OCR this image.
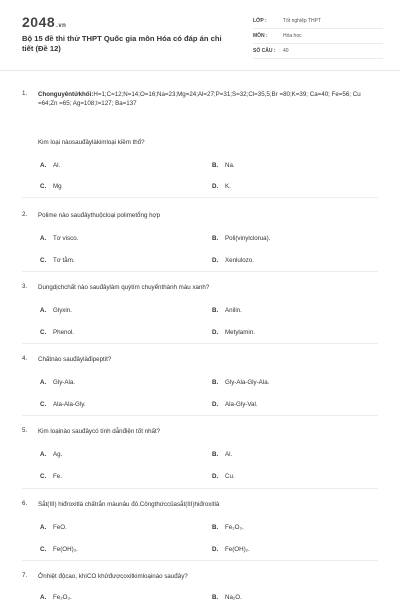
2048.vn
Bộ 15 đề thi thử THPT Quốc gia môn Hóa có đáp án chi tiết (Đề 12)
LỚP :	Tốt nghiệp THPT
MÔN :	Hóa học
SỐ CÂU :	40
1. Chonguyêntửkhối:H=1;C=12;N=14;O=16;Na=23;Mg=24;Al=27;P=31;S=32;Cl=35,5;Br =80;K=39; Ca=40; Fe=56; Cu =64;Zn =65; Ag=108;I=127; Ba=137
Kim loại nàosauđâylàkimloại kiềm thổ?
A. Al.	B. Na.
C. Mg	D. K.
2. Polime nào sauđâythuộcloại polimetổng hợp
A. Tơ visco.	B. Poli(vinylclorua).
C. Tơ tằm.	D. Xenlulozo.
3. Dungdịchchất nào sauđâylàm quỳtím chuyểnthành màu xanh?
A. Glyxin.	B. Anilin.
C. Phenol.	D. Metylamin.
4. Chấtnào sauđâylàđipeptit?
A. Gly-Ala.	B. Gly-Ala-Gly-Ala.
C. Ala-Ala-Gly.	D. Ala-Gly-Val.
5. Kim loạinào sauđâycó tính dẫnđiện tốt nhất?
A. Ag.	B. Al.
C. Fe.	D. Cu.
6. Sắt(III) hiđroxitlà chấtrắn màunâu đỏ.Côngthứccủasắt(III)hiđroxitlà
A. FeO.	B. Fe₂O₃.
C. Fe(OH)₃.	D. Fe(OH)₂.
7. Ởnhiệt độcao, khíCO khửđượcoxitkimloạinào sauđây?
A. Fe₂O₃.	B. Na₂O.
